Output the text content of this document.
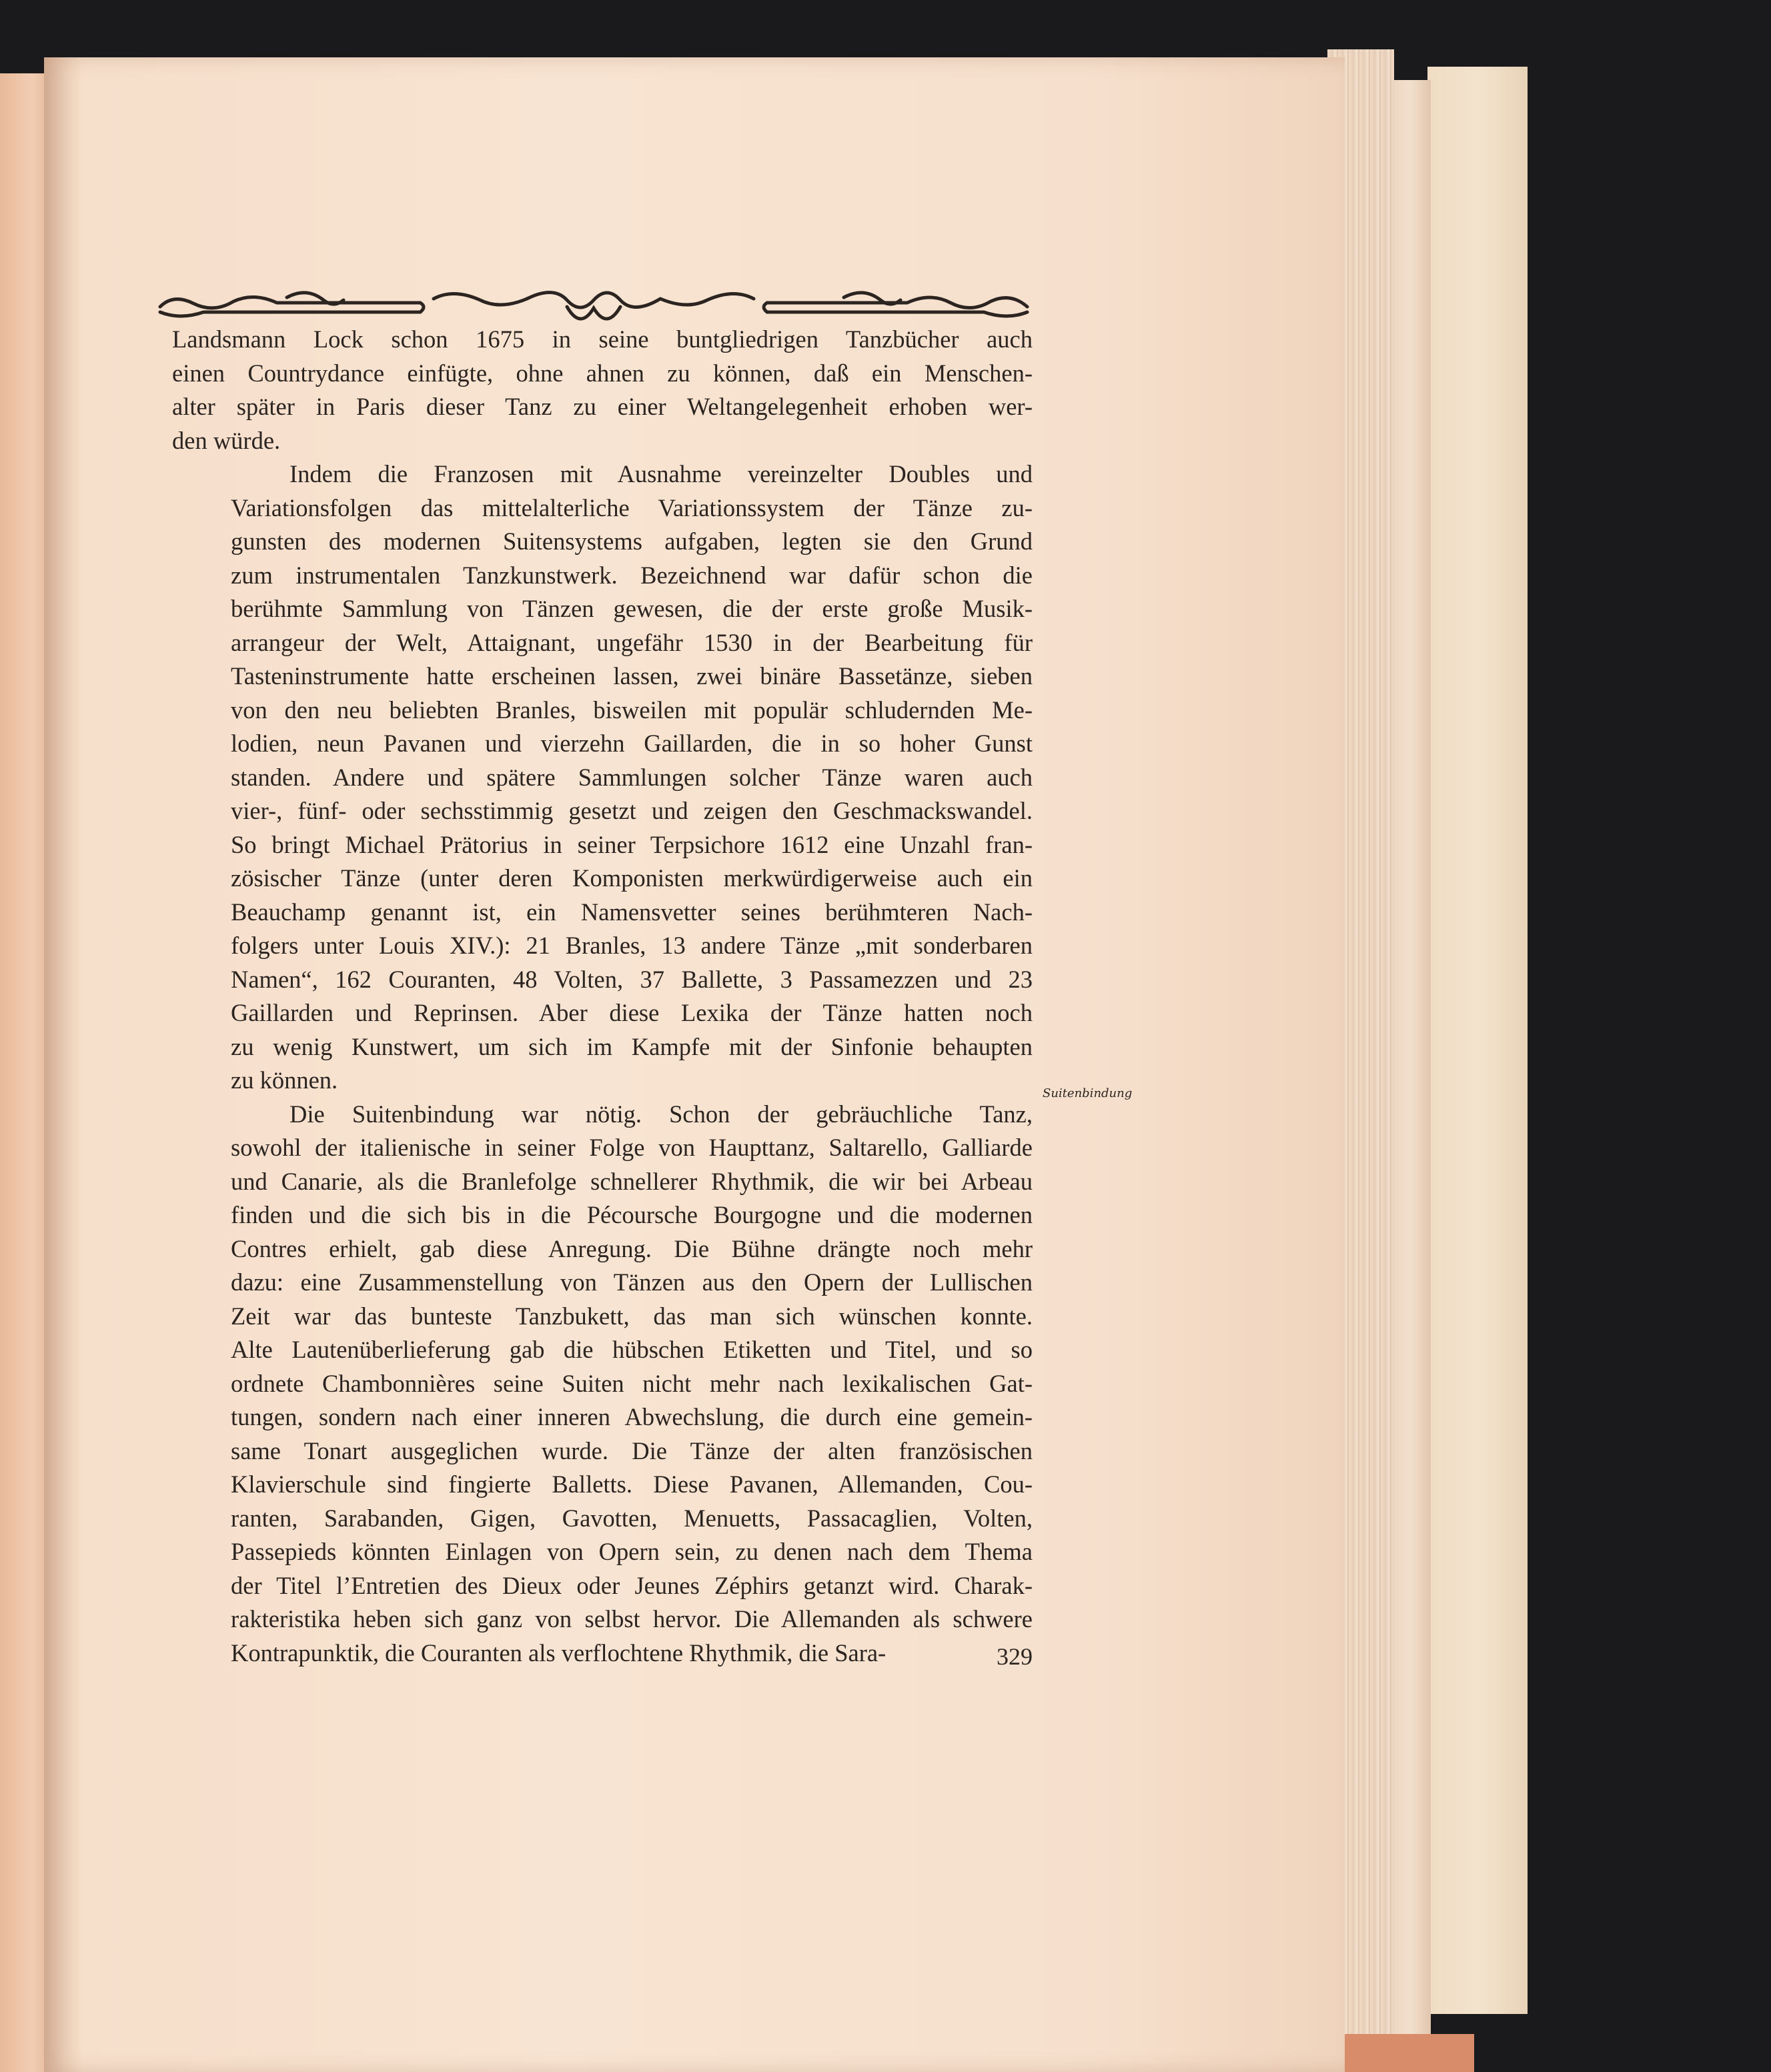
Landsmann Lock schon 1675 in seine buntgliedrigen Tanzbücher auch
einen Countrydance einfügte, ohne ahnen zu können, daß ein Menschen-
alter später in Paris dieser Tanz zu einer Weltangelegenheit erhoben wer-
den würde.

Indem die Franzosen mit Ausnahme vereinzelter Doubles und
Variationsfolgen das mittelalterliche Variationssystem der Tänze zu-
gunsten des modernen Suitensystems aufgaben, legten sie den Grund
zum instrumentalen Tanzkunstwerk. Bezeichnend war dafür schon die
berühmte Sammlung von Tänzen gewesen, die der erste große Musik-
arrangeur der Welt, Attaignant, ungefähr 1530 in der Bearbeitung für
Tasteninstrumente hatte erscheinen lassen, zwei binäre Bassetänze, sieben
von den neu beliebten Branles, bisweilen mit populär schludernden Me-
lodien, neun Pavanen und vierzehn Gaillarden, die in so hoher Gunst
standen. Andere und spätere Sammlungen solcher Tänze waren auch
vier-, fünf- oder sechsstimmig gesetzt und zeigen den Geschmackswandel.
So bringt Michael Prätorius in seiner Terpsichore 1612 eine Unzahl fran-
zösischer Tänze (unter deren Komponisten merkwürdigerweise auch ein
Beauchamp genannt ist, ein Namensvetter seines berühmteren Nach-
folgers unter Louis XIV.): 21 Branles, 13 andere Tänze „mit sonderbaren
Namen“, 162 Couranten, 48 Volten, 37 Ballette, 3 Passamezzen und 23
Gaillarden und Reprinsen. Aber diese Lexika der Tänze hatten noch
zu wenig Kunstwert, um sich im Kampfe mit der Sinfonie behaupten
zu können.

Die Suitenbindung war nötig. Schon der gebräuchliche Tanz,
sowohl der italienische in seiner Folge von Haupttanz, Saltarello, Galliarde
und Canarie, als die Branlefolge schnellerer Rhythmik, die wir bei Arbeau
finden und die sich bis in die Pécoursche Bourgogne und die modernen
Contres erhielt, gab diese Anregung. Die Bühne drängte noch mehr
dazu: eine Zusammenstellung von Tänzen aus den Opern der Lullischen
Zeit war das bunteste Tanzbukett, das man sich wünschen konnte.
Alte Lautenüberlieferung gab die hübschen Etiketten und Titel, und so
ordnete Chambonnières seine Suiten nicht mehr nach lexikalischen Gat-
tungen, sondern nach einer inneren Abwechslung, die durch eine gemein-
same Tonart ausgeglichen wurde. Die Tänze der alten französischen
Klavierschule sind fingierte Balletts. Diese Pavanen, Allemanden, Cou-
ranten, Sarabanden, Gigen, Gavotten, Menuetts, Passacaglien, Volten,
Passepieds könnten Einlagen von Opern sein, zu denen nach dem Thema
der Titel l’Entretien des Dieux oder Jeunes Zéphirs getanzt wird. Charak-
rakteristika heben sich ganz von selbst hervor. Die Allemanden als schwere
Kontrapunktik, die Couranten als verflochtene Rhythmik, die Sara-

Suitenbindung
329
